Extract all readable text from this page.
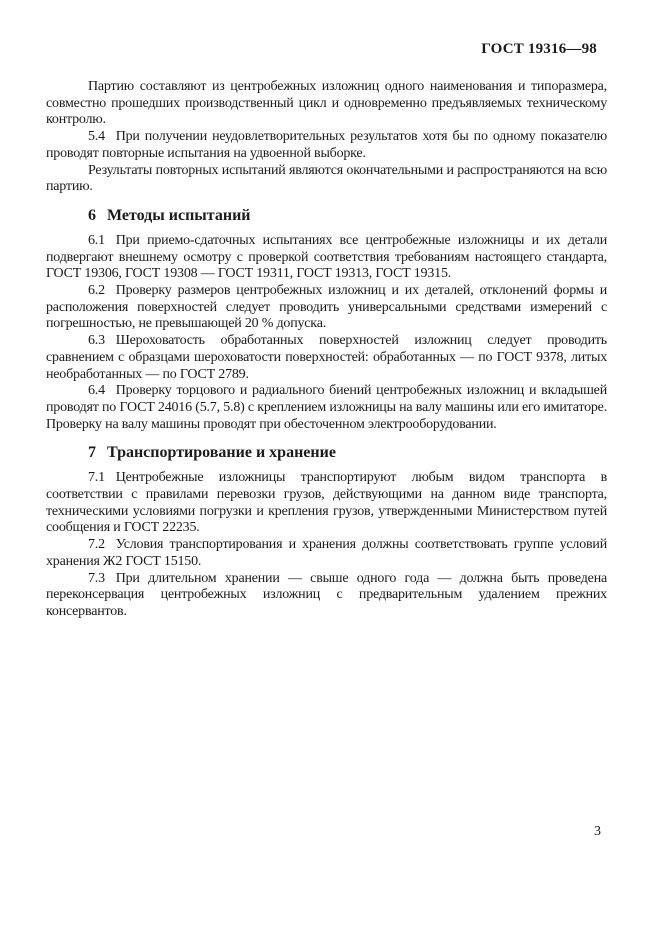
ГОСТ 19316—98

Партию составляют из центробежных изложниц одного наименования и типоразмера, совместно прошедших производственный цикл и одновременно предъявляемых техническому контролю.

5.4 При получении неудовлетворительных результатов хотя бы по одному показателю проводят повторные испытания на удвоенной выборке.

Результаты повторных испытаний являются окончательными и распространяются на всю партию.

6 Методы испытаний

6.1 При приемо-сдаточных испытаниях все центробежные изложницы и их детали подвергают внешнему осмотру с проверкой соответствия требованиям настоящего стандарта, ГОСТ 19306, ГОСТ 19308 — ГОСТ 19311, ГОСТ 19313, ГОСТ 19315.

6.2 Проверку размеров центробежных изложниц и их деталей, отклонений формы и расположения поверхностей следует проводить универсальными средствами измерений с погрешностью, не превышающей 20 % допуска.

6.3 Шероховатость обработанных поверхностей изложниц следует проводить сравнением с образцами шероховатости поверхностей: обработанных — по ГОСТ 9378, литых необработанных — по ГОСТ 2789.

6.4 Проверку торцового и радиального биений центробежных изложниц и вкладышей проводят по ГОСТ 24016 (5.7, 5.8) с креплением изложницы на валу машины или его имитаторе. Проверку на валу машины проводят при обесточенном электрооборудовании.

7 Транспортирование и хранение

7.1 Центробежные изложницы транспортируют любым видом транспорта в соответствии с правилами перевозки грузов, действующими на данном виде транспорта, техническими условиями погрузки и крепления грузов, утвержденными Министерством путей сообщения и ГОСТ 22235.

7.2 Условия транспортирования и хранения должны соответствовать группе условий хранения Ж2 ГОСТ 15150.

7.3 При длительном хранении — свыше одного года — должна быть проведена переконсервация центробежных изложниц с предварительным удалением прежних консервантов.

3
